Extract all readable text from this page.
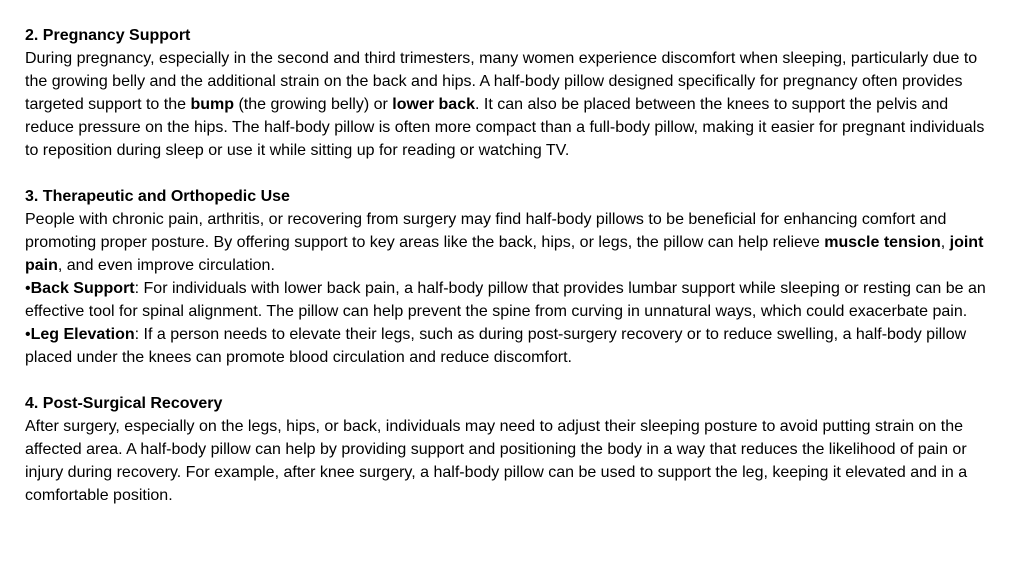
2. Pregnancy Support

During pregnancy, especially in the second and third trimesters, many women experience discomfort when sleeping, particularly due to the growing belly and the additional strain on the back and hips. A half-body pillow designed specifically for pregnancy often provides targeted support to the bump (the growing belly) or lower back. It can also be placed between the knees to support the pelvis and reduce pressure on the hips. The half-body pillow is often more compact than a full-body pillow, making it easier for pregnant individuals to reposition during sleep or use it while sitting up for reading or watching TV.

3. Therapeutic and Orthopedic Use

People with chronic pain, arthritis, or recovering from surgery may find half-body pillows to be beneficial for enhancing comfort and promoting proper posture. By offering support to key areas like the back, hips, or legs, the pillow can help relieve muscle tension, joint pain, and even improve circulation.

•Back Support: For individuals with lower back pain, a half-body pillow that provides lumbar support while sleeping or resting can be an effective tool for spinal alignment. The pillow can help prevent the spine from curving in unnatural ways, which could exacerbate pain.

•Leg Elevation: If a person needs to elevate their legs, such as during post-surgery recovery or to reduce swelling, a half-body pillow placed under the knees can promote blood circulation and reduce discomfort.

4. Post-Surgical Recovery

After surgery, especially on the legs, hips, or back, individuals may need to adjust their sleeping posture to avoid putting strain on the affected area. A half-body pillow can help by providing support and positioning the body in a way that reduces the likelihood of pain or injury during recovery. For example, after knee surgery, a half-body pillow can be used to support the leg, keeping it elevated and in a comfortable position.
